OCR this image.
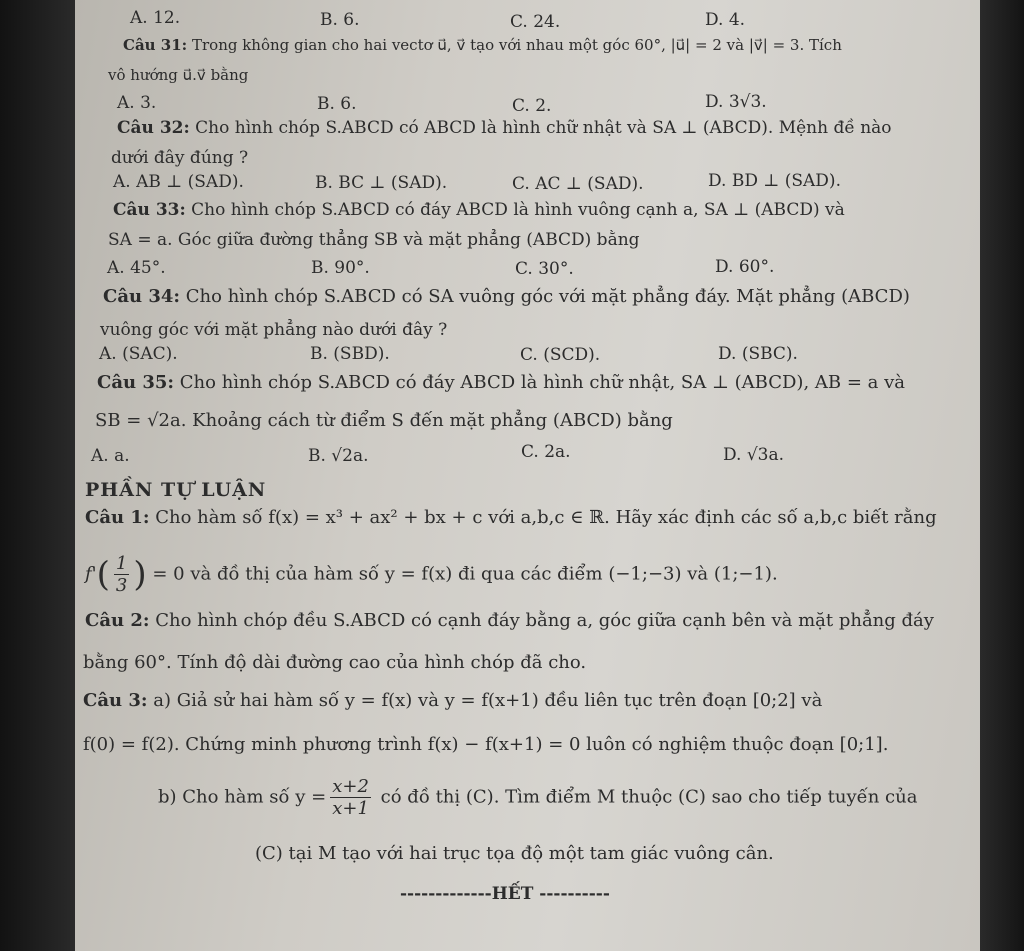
A. 12.	B. 6.	C. 24.	D. 4.
Câu 31: Trong không gian cho hai vectơ u⃗, v⃗ tạo với nhau một góc 60°, |u⃗| = 2 và |v⃗| = 3. Tích
vô hướng u⃗.v⃗ bằng
A. 3.	B. 6.	C. 2.	D. 3√3.
Câu 32: Cho hình chóp S.ABCD có ABCD là hình chữ nhật và SA ⊥ (ABCD). Mệnh đề nào
dưới đây đúng ?
A. AB ⊥ (SAD).	B. BC ⊥ (SAD).	C. AC ⊥ (SAD).	D. BD ⊥ (SAD).
Câu 33: Cho hình chóp S.ABCD có đáy ABCD là hình vuông cạnh a, SA ⊥ (ABCD) và
SA = a. Góc giữa đường thẳng SB và mặt phẳng (ABCD) bằng
A. 45°.	B. 90°.	C. 30°.	D. 60°.
Câu 34: Cho hình chóp S.ABCD có SA vuông góc với mặt phẳng đáy. Mặt phẳng (ABCD)
vuông góc với mặt phẳng nào dưới đây ?
A. (SAC).	B. (SBD).	C. (SCD).	D. (SBC).
Câu 35: Cho hình chóp S.ABCD có đáy ABCD là hình chữ nhật, SA ⊥ (ABCD), AB = a và
SB = √2a. Khoảng cách từ điểm S đến mặt phẳng (ABCD) bằng
A. a.	B. √2a.	C. 2a.	D. √3a.
PHẦN TỰ LUẬN
Câu 1: Cho hàm số f(x) = x³ + ax² + bx + c với a,b,c ∈ ℝ. Hãy xác định các số a,b,c biết rằng
$f'( \frac{1}{3}$ ) = 0 và đồ thị của hàm số y = f(x) đi qua các điểm (−1;−3) và (1;−1).
Câu 2: Cho hình chóp đều S.ABCD có cạnh đáy bằng a, góc giữa cạnh bên và mặt phẳng đáy
bằng 60°. Tính độ dài đường cao của hình chóp đã cho.
Câu 3: a) Giả sử hai hàm số y = f(x) và y = f(x+1) đều liên tục trên đoạn [0;2] và
f(0) = f(2). Chứng minh phương trình f(x) − f(x+1) = 0 luôn có nghiệm thuộc đoạn [0;1].
b) Cho hàm số $y = \frac{x+2}{x+1}$ có đồ thị (C). Tìm điểm M thuộc (C) sao cho tiếp tuyến của
(C) tại M tạo với hai trục tọa độ một tam giác vuông cân.
-------------HẾT ----------
